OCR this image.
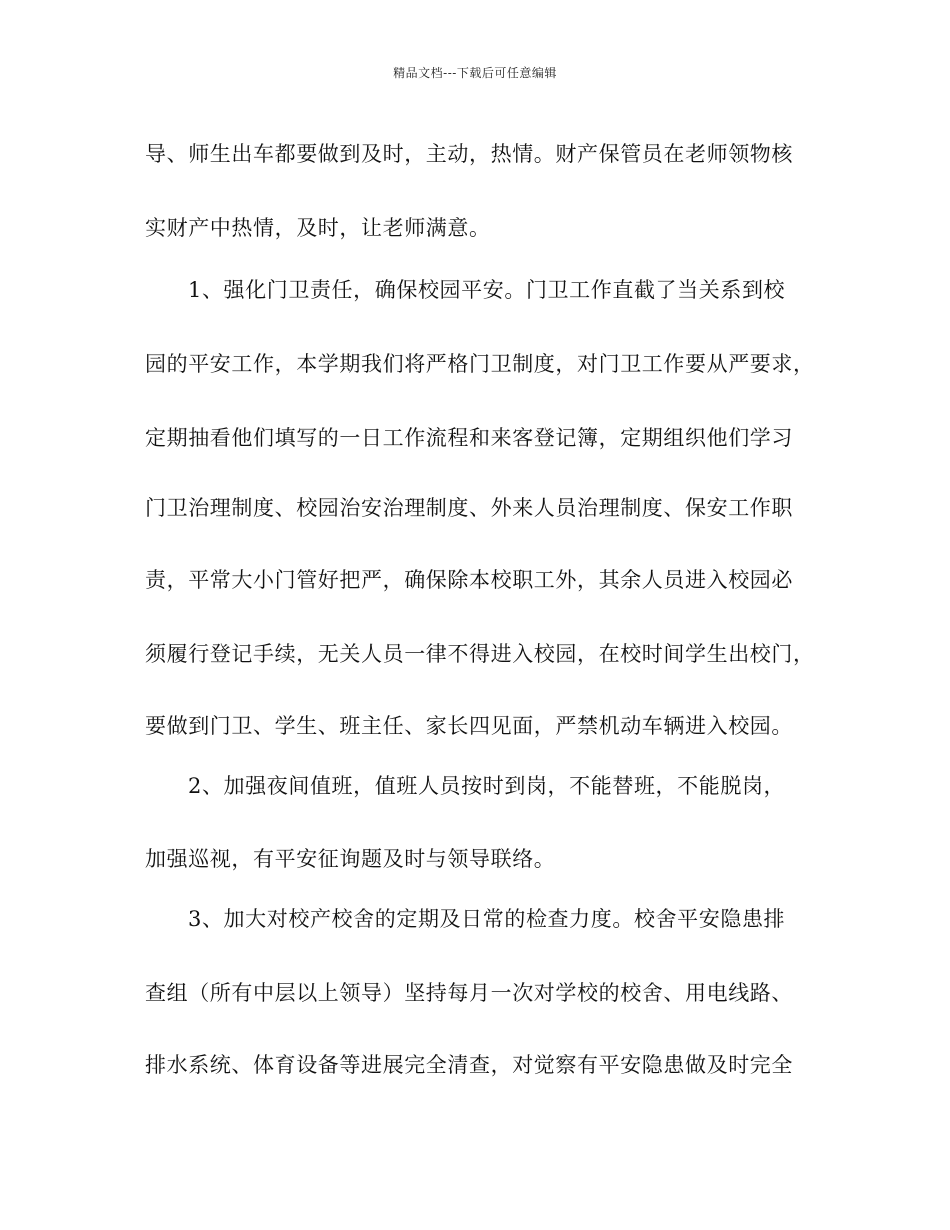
精品文档---下载后可任意编辑
导、师生出车都要做到及时，主动，热情。财产保管员在老师领物核
实财产中热情，及时，让老师满意。
1、强化门卫责任，确保校园平安。门卫工作直截了当关系到校
园的平安工作，本学期我们将严格门卫制度，对门卫工作要从严要求，
定期抽看他们填写的一日工作流程和来客登记簿，定期组织他们学习
门卫治理制度、校园治安治理制度、外来人员治理制度、保安工作职
责，平常大小门管好把严，确保除本校职工外，其余人员进入校园必
须履行登记手续，无关人员一律不得进入校园，在校时间学生出校门，
要做到门卫、学生、班主任、家长四见面，严禁机动车辆进入校园。
2、加强夜间值班，值班人员按时到岗，不能替班，不能脱岗，
加强巡视，有平安征询题及时与领导联络。
3、加大对校产校舍的定期及日常的检查力度。校舍平安隐患排
查组（所有中层以上领导）坚持每月一次对学校的校舍、用电线路、
排水系统、体育设备等进展完全清查，对觉察有平安隐患做及时完全
